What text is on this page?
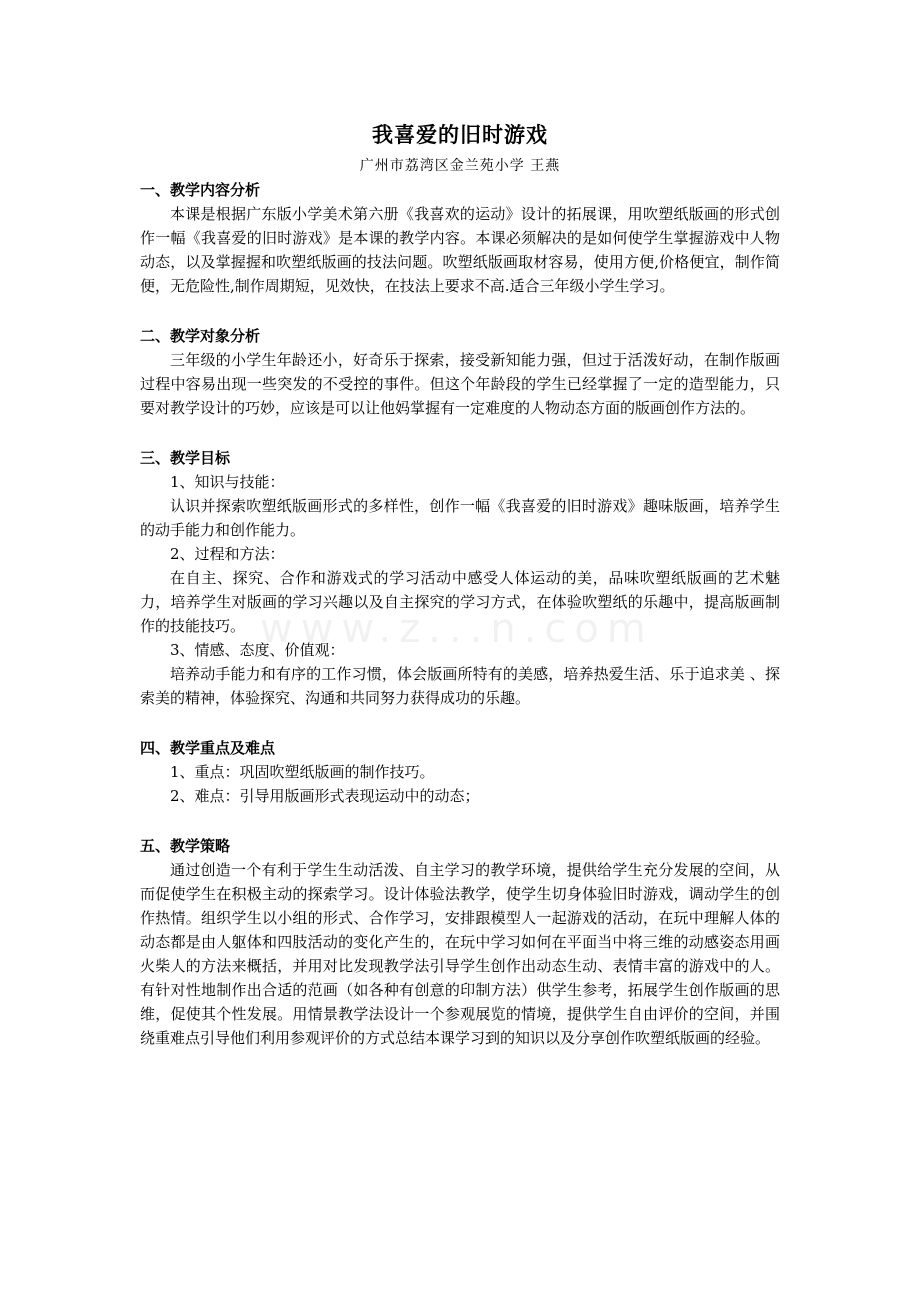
www.z...n.com
我喜爱的旧时游戏

广州市荔湾区金兰苑小学 王燕

一、教学内容分析

本课是根据广东版小学美术第六册《我喜欢的运动》设计的拓展课，用吹塑纸版画的形式创作一幅《我喜爱的旧时游戏》是本课的教学内容。本课必须解决的是如何使学生掌握游戏中人物动态，以及掌握握和吹塑纸版画的技法问题。吹塑纸版画取材容易，使用方便,价格便宜，制作简便，无危险性,制作周期短，见效快，在技法上要求不高.适合三年级小学生学习。

二、教学对象分析

三年级的小学生年龄还小，好奇乐于探索，接受新知能力强，但过于活泼好动，在制作版画过程中容易出现一些突发的不受控的事件。但这个年龄段的学生已经掌握了一定的造型能力，只要对教学设计的巧妙，应该是可以让他妈掌握有一定难度的人物动态方面的版画创作方法的。

三、教学目标

1、知识与技能：

认识并探索吹塑纸版画形式的多样性，创作一幅《我喜爱的旧时游戏》趣味版画，培养学生的动手能力和创作能力。

2、过程和方法：

在自主、探究、合作和游戏式的学习活动中感受人体运动的美，品味吹塑纸版画的艺术魅力，培养学生对版画的学习兴趣以及自主探究的学习方式，在体验吹塑纸的乐趣中，提高版画制作的技能技巧。

3、情感、态度、价值观：

培养动手能力和有序的工作习惯，体会版画所特有的美感，培养热爱生活、乐于追求美 、探索美的精神，体验探究、沟通和共同努力获得成功的乐趣。

四、教学重点及难点

1、重点：巩固吹塑纸版画的制作技巧。

2、难点：引导用版画形式表现运动中的动态；

五、教学策略

通过创造一个有利于学生生动活泼、自主学习的教学环境，提供给学生充分发展的空间，从而促使学生在积极主动的探索学习。设计体验法教学，使学生切身体验旧时游戏，调动学生的创作热情。组织学生以小组的形式、合作学习，安排跟模型人一起游戏的活动，在玩中理解人体的动态都是由人躯体和四肢活动的变化产生的，在玩中学习如何在平面当中将三维的动感姿态用画火柴人的方法来概括，并用对比发现教学法引导学生创作出动态生动、表情丰富的游戏中的人。有针对性地制作出合适的范画（如各种有创意的印制方法）供学生参考，拓展学生创作版画的思维，促使其个性发展。用情景教学法设计一个参观展览的情境，提供学生自由评价的空间，并围绕重难点引导他们利用参观评价的方式总结本课学习到的知识以及分享创作吹塑纸版画的经验。
